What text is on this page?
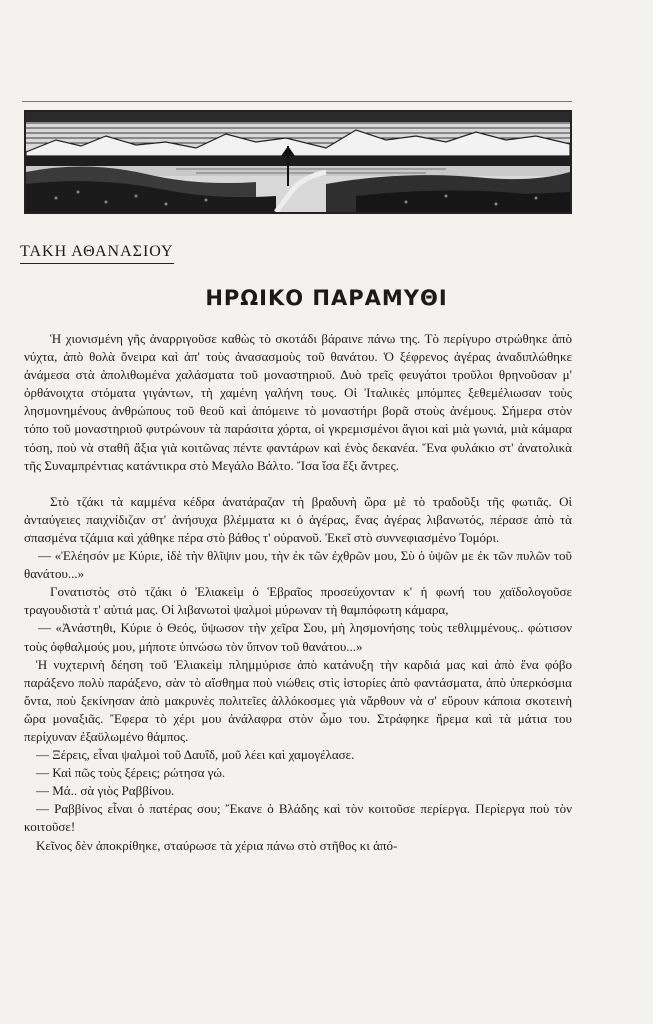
ΤΑΚΗ ΑΘΑΝΑΣΙΟΥ
ΗΡΩΙΚΟ ΠΑΡΑΜΥΘΙ

Ἡ χιονισμένη γῆς ἀναρριγοῦσε καθὼς τὸ σκοτάδι βάραινε πάνω της. Τὸ περίγυρο στρώθηκε ἀπὸ νύχτα, ἀπὸ θολὰ ὄνειρα καὶ ἀπ' τοὺς ἀνασασμοὺς τοῦ θανάτου. Ὁ ξέφρενος ἀγέρας ἀναδιπλώθηκε ἀνάμεσα στὰ ἀπολιθωμένα χαλάσματα τοῦ μοναστηριοῦ. Δυὸ τρεῖς φευγάτοι τροῦλοι θρηνοῦσαν μ' ὀρθάνοιχτα στόματα γιγάντων, τὴ χαμένη γαλήνη τους. Οἱ Ἰταλικὲς μπόμπες ξεθεμέλιωσαν τοὺς λησμονημένους ἀνθρώπους τοῦ θεοῦ καὶ ἀπόμεινε τὸ μοναστήρι βορᾶ στοὺς ἀνέμους. Σήμερα στὸν τόπο τοῦ μοναστηριοῦ φυτρώνουν τὰ παράσιτα χόρτα, οἱ γκρεμισμένοι ἅγιοι καὶ μιὰ γωνιά, μιὰ κάμαρα τόση, ποὺ νὰ σταθῆ ἄξια γιὰ κοιτῶνας πέντε φαντάρων καὶ ἑνὸς δεκανέα. Ἕνα φυλάκιο στ' ἀνατολικὰ τῆς Συναμπρέντιας κατάντικρα στὸ Μεγάλο Βάλτο. Ἴσα ἴσα ἔξι ἄντρες.

Στὸ τζάκι τὰ καμμένα κέδρα ἀνατάραζαν τὴ βραδυνὴ ὥρα μὲ τὸ τραδοῦξι τῆς φωτιᾶς. Οἱ ἀνταύγειες παιχνίδιζαν στ' ἀνήσυχα βλέμματα κι ὁ ἀγέρας, ἕνας ἀγέρας λιβανωτός, πέρασε ἀπὸ τὰ σπασμένα τζάμια καὶ χάθηκε πέρα στὸ βάθος τ' οὐρανοῦ. Ἐκεῖ στὸ συννεφιασμένο Τομόρι.

— «Ἐλέησόν με Κύριε, ἰδὲ τὴν θλῖψιν μου, τὴν ἐκ τῶν ἐχθρῶν μου, Σὺ ὁ ὑψῶν με ἐκ τῶν πυλῶν τοῦ θανάτου...»

Γονατιστὸς στὸ τζάκι ὁ Ἐλιακεὶμ ὁ Ἑβραῖος προσεύχονταν κ' ἡ φωνή του χαϊδολογοῦσε τραγουδιστὰ τ' αὐτιά μας. Οἱ λιβανωτοὶ ψαλμοὶ μύρωναν τὴ θαμπόφωτη κάμαρα,

— «Ἀνάστηθι, Κύριε ὁ Θεός, ὕψωσον τὴν χεῖρα Σου, μὴ λησμονήσης τοὺς τεθλιμμένους.. φώτισον τοὺς ὀφθαλμούς μου, μήποτε ὑπνώσω τὸν ὕπνον τοῦ θανάτου...»

Ἡ νυχτερινὴ δέηση τοῦ Ἐλιακεὶμ πλημμύρισε ἀπὸ κατάνυξη τὴν καρδιά μας καὶ ἀπὸ ἕνα φόβο παράξενο πολὺ παράξενο, σὰν τὸ αἴσθημα ποὺ νιώθεις στὶς ἱστορίες ἀπὸ φαντάσματα, ἀπὸ ὑπερκόσμια ὄντα, ποὺ ξεκίνησαν ἀπὸ μακρυνὲς πολιτεῖες ἀλλόκοσμες γιὰ νἄρθουν νὰ σ' εὕρουν κάποια σκοτεινὴ ὥρα μοναξιᾶς. Ἔφερα τὸ χέρι μου ἀνάλαφρα στὸν ὦμο του. Στράφηκε ἤρεμα καὶ τὰ μάτια του περίχυναν ἐξαϋλωμένο θάμπος.

— Ξέρεις, εἶναι ψαλμοὶ τοῦ Δαυΐδ, μοῦ λέει καὶ χαμογέλασε.

— Καὶ πῶς τοὺς ξέρεις; ρώτησα γώ.

— Μά.. σὰ γιὸς Ραββίνου.

— Ραββίνος εἶναι ὁ πατέρας σου; Ἔκανε ὁ Βλάδης καὶ τὸν κοιτοῦσε περίεργα. Περίεργα ποὺ τὸν κοιτοῦσε!

Κεῖνος δὲν ἀποκρίθηκε, σταύρωσε τὰ χέρια πάνω στὸ στῆθος κι ἀπό-
